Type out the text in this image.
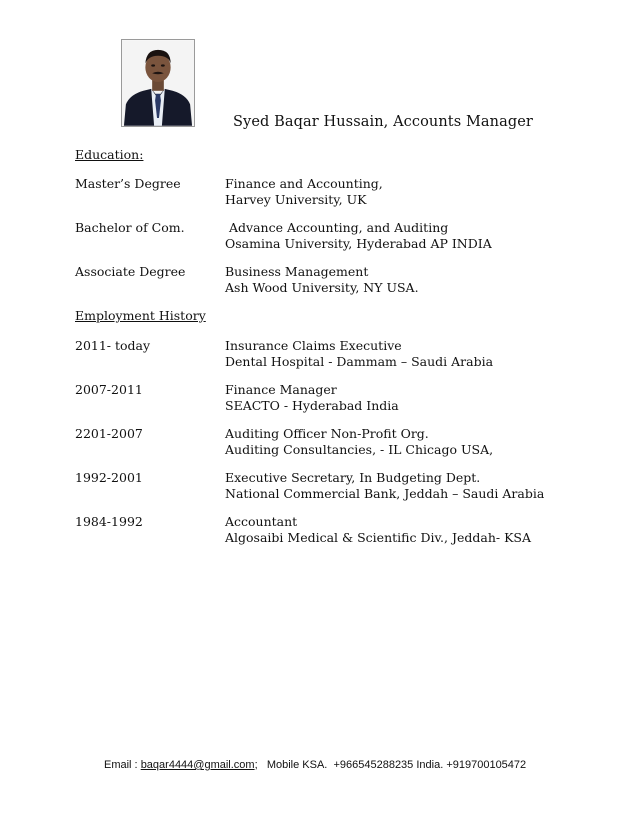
Syed Baqar Hussain, Accounts Manager
Education:
Master’s Degree	Finance and Accounting,
Harvey University, UK
Bachelor of Com.	Advance Accounting, and Auditing
Osamina University, Hyderabad AP INDIA
Associate Degree	Business Management
Ash Wood University, NY USA.
Employment History
2011- today	Insurance Claims Executive
Dental Hospital - Dammam – Saudi Arabia
2007-2011	Finance Manager
SEACTO - Hyderabad India
2201-2007	Auditing Officer Non-Profit Org.
Auditing Consultancies, - IL Chicago USA,
1992-2001	Executive Secretary, In Budgeting Dept.
National Commercial Bank, Jeddah – Saudi Arabia
1984-1992	Accountant
Algosaibi Medical & Scientific Div., Jeddah- KSA
Email : baqar4444@gmail.com;   Mobile KSA.  +966545288235 India. +919700105472
